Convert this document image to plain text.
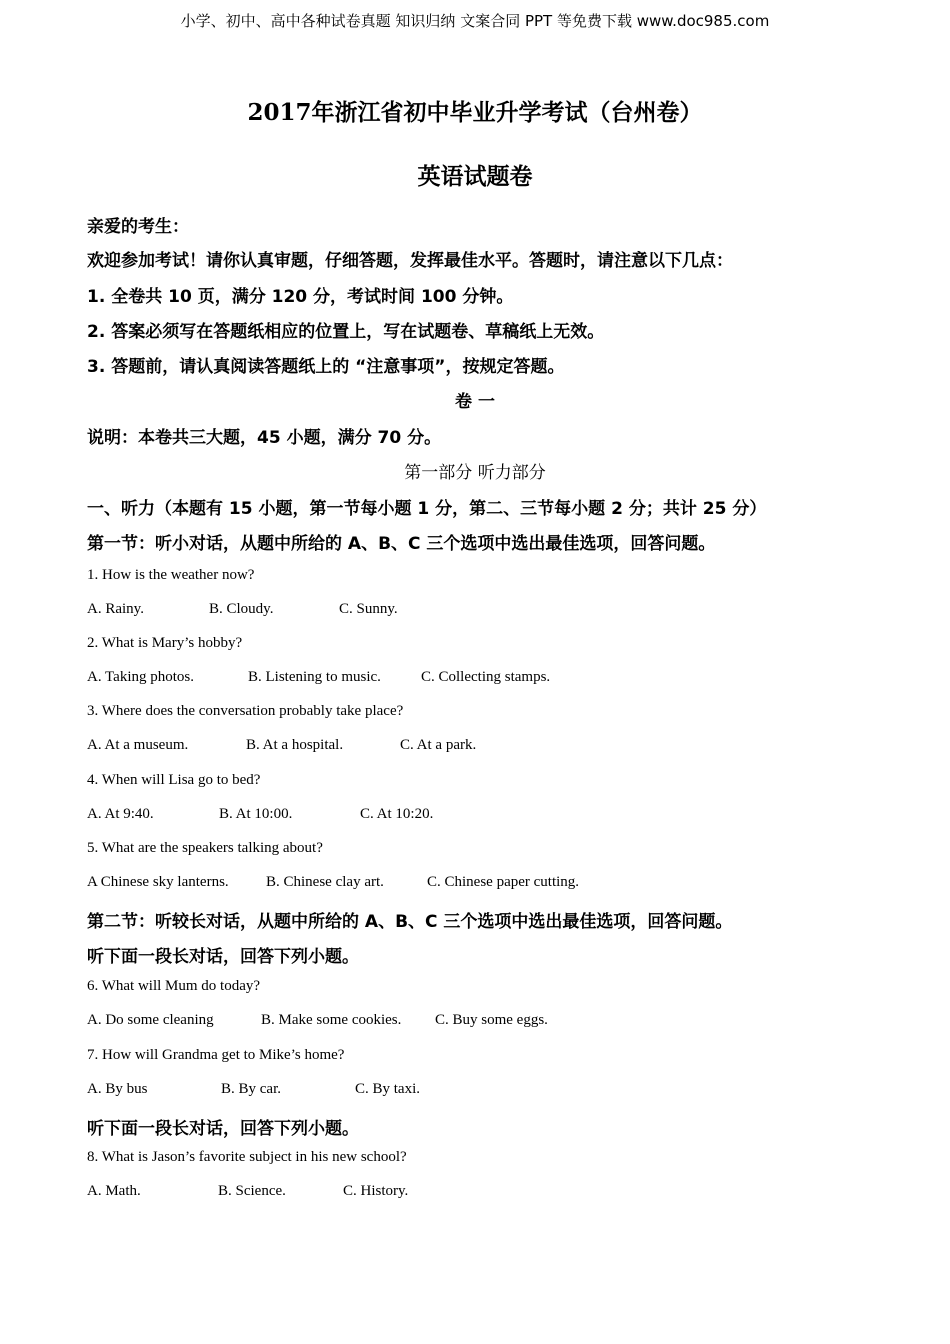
小学、初中、高中各种试卷真题 知识归纳 文案合同 PPT 等免费下载 www.doc985.com
2017年浙江省初中毕业升学考试（台州卷）
英语试题卷
亲爱的考生：
欢迎参加考试！请你认真审题，仔细答题，发挥最佳水平。答题时，请注意以下几点：
1. 全卷共 10 页，满分 120 分，考试时间 100 分钟。
2. 答案必须写在答题纸相应的位置上，写在试题卷、草稿纸上无效。
3. 答题前，请认真阅读答题纸上的 “注意事项”，按规定答题。
卷 一
说明：本卷共三大题，45 小题，满分 70 分。
第一部分 听力部分
一、听力（本题有 15 小题，第一节每小题 1 分，第二、三节每小题 2 分；共计 25 分）
第一节：听小对话，从题中所给的 A、B、C 三个选项中选出最佳选项，回答问题。
1. How is the weather now?
A. Rainy.	B. Cloudy.	C. Sunny.
2. What is Mary’s hobby?
A. Taking photos.	B. Listening to music.	C. Collecting stamps.
3. Where does the conversation probably take place?
A. At a museum.	B. At a hospital.	C. At a park.
4. When will Lisa go to bed?
A. At 9:40.	B. At 10:00.	C. At 10:20.
5. What are the speakers talking about?
A Chinese sky lanterns. B. Chinese clay art.	C. Chinese paper cutting.
第二节：听较长对话，从题中所给的 A、B、C 三个选项中选出最佳选项，回答问题。
听下面一段长对话，回答下列小题。
6. What will Mum do today?
A. Do some cleaning	B. Make some cookies. C. Buy some eggs.
7. How will Grandma get to Mike’s home?
A. By bus	B. By car.	C. By taxi.
听下面一段长对话，回答下列小题。
8. What is Jason’s favorite subject in his new school?
A. Math.	B. Science.	C. History.
